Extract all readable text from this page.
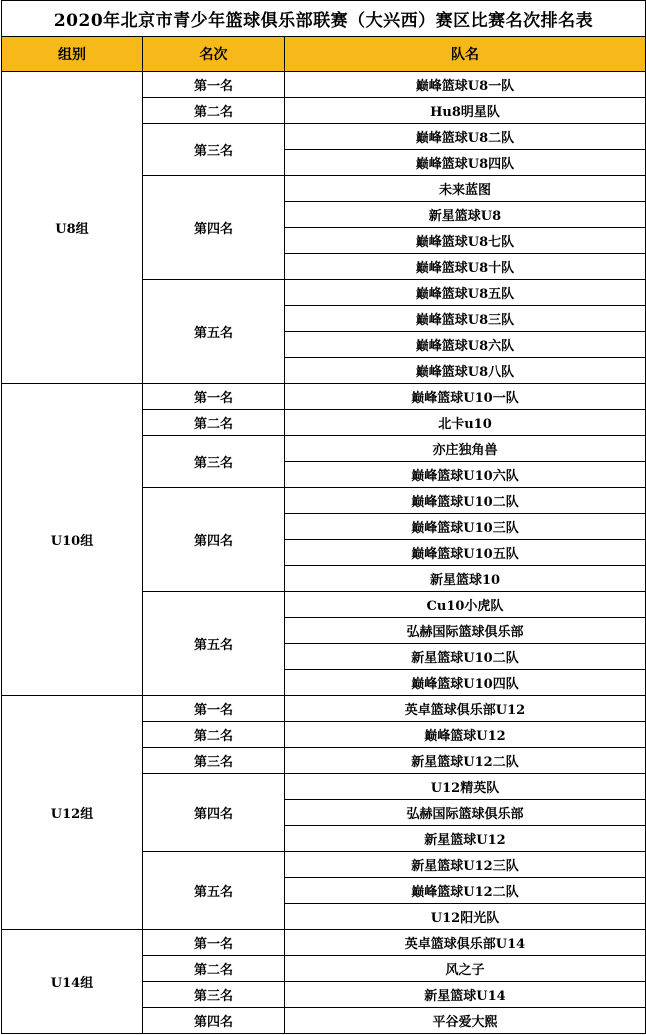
2020年北京市青少年篮球俱乐部联赛（大兴西）赛区比赛名次排名表		
组别	名次	队名
U8组	第一名	巅峰篮球U8一队
	第二名	Hu8明星队
	第三名	巅峰篮球U8二队
		巅峰篮球U8四队
	第四名	未来蓝图
		新星篮球U8
		巅峰篮球U8七队
		巅峰篮球U8十队
	第五名	巅峰篮球U8五队
		巅峰篮球U8三队
		巅峰篮球U8六队
		巅峰篮球U8八队
U10组	第一名	巅峰篮球U10一队
	第二名	北卡u10
	第三名	亦庄独角兽
		巅峰篮球U10六队
	第四名	巅峰篮球U10二队
		巅峰篮球U10三队
		巅峰篮球U10五队
		新星篮球10
	第五名	Cu10小虎队
		弘赫国际篮球俱乐部
		新星篮球U10二队
		巅峰篮球U10四队
U12组	第一名	英卓篮球俱乐部U12
	第二名	巅峰篮球U12
	第三名	新星篮球U12二队
	第四名	U12精英队
		弘赫国际篮球俱乐部
		新星篮球U12
	第五名	新星篮球U12三队
		巅峰篮球U12二队
		U12阳光队
U14组	第一名	英卓篮球俱乐部U14
	第二名	风之子
	第三名	新星篮球U14
	第四名	平谷爱大熙
